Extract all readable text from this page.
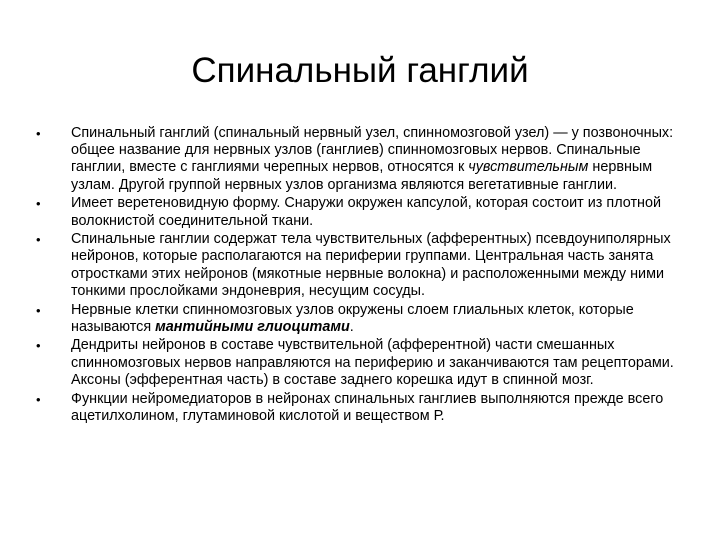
Спинальный ганглий
• Спинальный ганглий (спинальный нервный узел, спинномозговой узел) — у позвоночных: общее название для нервных узлов (ганглиев) спинномозговых нервов. Спинальные ганглии, вместе с ганглиями черепных нервов, относятся к чувствительным нервным узлам. Другой группой нервных узлов организма являются вегетативные ганглии.
• Имеет веретеновидную форму. Снаружи окружен капсулой, которая состоит из плотной волокнистой соединительной ткани.
• Спинальные ганглии содержат тела чувствительных (афферентных) псевдоуниполярных нейронов, которые располагаются на периферии группами. Центральная часть занята отростками этих нейронов (мякотные нервные волокна) и расположенными между ними тонкими прослойками эндоневрия, несущим сосуды.
• Нервные клетки спинномозговых узлов окружены слоем глиальных клеток, которые называются мантийными глиоцитами.
• Дендриты нейронов в составе чувствительной (афферентной) части смешанных спинномозговых нервов направляются на периферию и заканчиваются там рецепторами. Аксоны (эфферентная часть) в составе заднего корешка идут в спинной мозг.
• Функции нейромедиаторов в нейронах спинальных ганглиев выполняются прежде всего ацетилхолином, глутаминовой кислотой и веществом Р.
